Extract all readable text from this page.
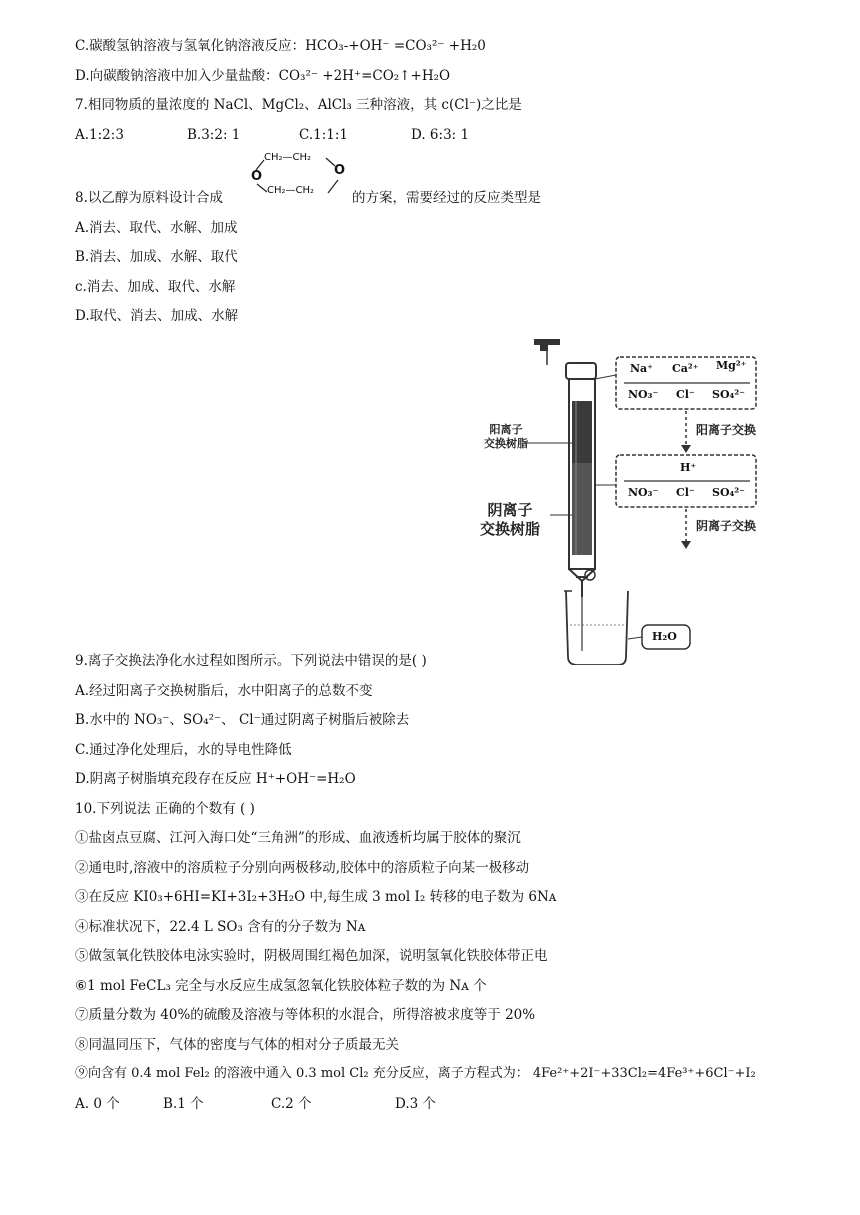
C.碳酸氢钠溶液与氢氧化钠溶液反应：HCO₃-+OH⁻ =CO₃²⁻ +H₂0
D.向碳酸钠溶液中加入少量盐酸：CO₃²⁻ +2H⁺=CO₂↑+H₂O
7.相同物质的量浓度的 NaCl、MgCl₂、AlCl₃ 三种溶液，其 c(Cl⁻)之比是
A.1:2:3	B.3:2: 1	C.1:1:1	D. 6:3: 1
8.以乙醇为原料设计合成	的方案，需要经过的反应类型是
CH₂—CH₂
O	O
CH₂—CH₂
A.消去、取代、水解、加成
B.消去、加成、水解、取代
c.消去、加成、取代、水解
D.取代、消去、加成、水解
Na⁺ Ca²⁺ Mg²⁺
NO₃⁻ Cl⁻ SO₄²⁻
H⁺
NO₃⁻ Cl⁻ SO₄²⁻
阳离子
交换树脂
阴离子
交换树脂
阳离子交换
阴离子交换
H₂O
9.离子交换法净化水过程如图所示。下列说法中错误的是( )
A.经过阳离子交换树脂后，水中阳离子的总数不变
B.水中的 NO₃⁻、SO₄²⁻、 Cl⁻通过阴离子树脂后被除去
C.通过净化处理后，水的导电性降低
D.阴离子树脂填充段存在反应 H⁺+OH⁻=H₂O
10.下列说法 正确的个数有 ( )
①盐卤点豆腐、江河入海口处“三角洲”的形成、血液透析均属于胶体的聚沉
②通电时,溶液中的溶质粒子分别向两极移动,胶体中的溶质粒子向某一极移动
③在反应 KI0₃+6HI=KI+3I₂+3H₂O 中,每生成 3 mol I₂ 转移的电子数为 6Nᴀ
④标准状况下，22.4 L SO₃ 含有的分子数为 Nᴀ
⑤做氢氧化铁胶体电泳实验时，阴极周围红褐色加深，说明氢氧化铁胶体带正电
⑥1 mol FeCL₃ 完全与水反应生成氢忽氧化铁胶体粒子数的为 Nᴀ 个
⑦质量分数为 40%的硫酸及溶液与等体积的水混合，所得溶被求度等于 20%
⑧同温同压下，气体的密度与气体的相对分子质最无关
⑨向含有 0.4 mol Fel₂ 的溶液中通入 0.3 mol Cl₂ 充分反应，离子方程式为： 4Fe²⁺+2I⁻+33Cl₂=4Fe³⁺+6Cl⁻+I₂
A. 0 个	B.1 个	C.2 个	D.3 个
